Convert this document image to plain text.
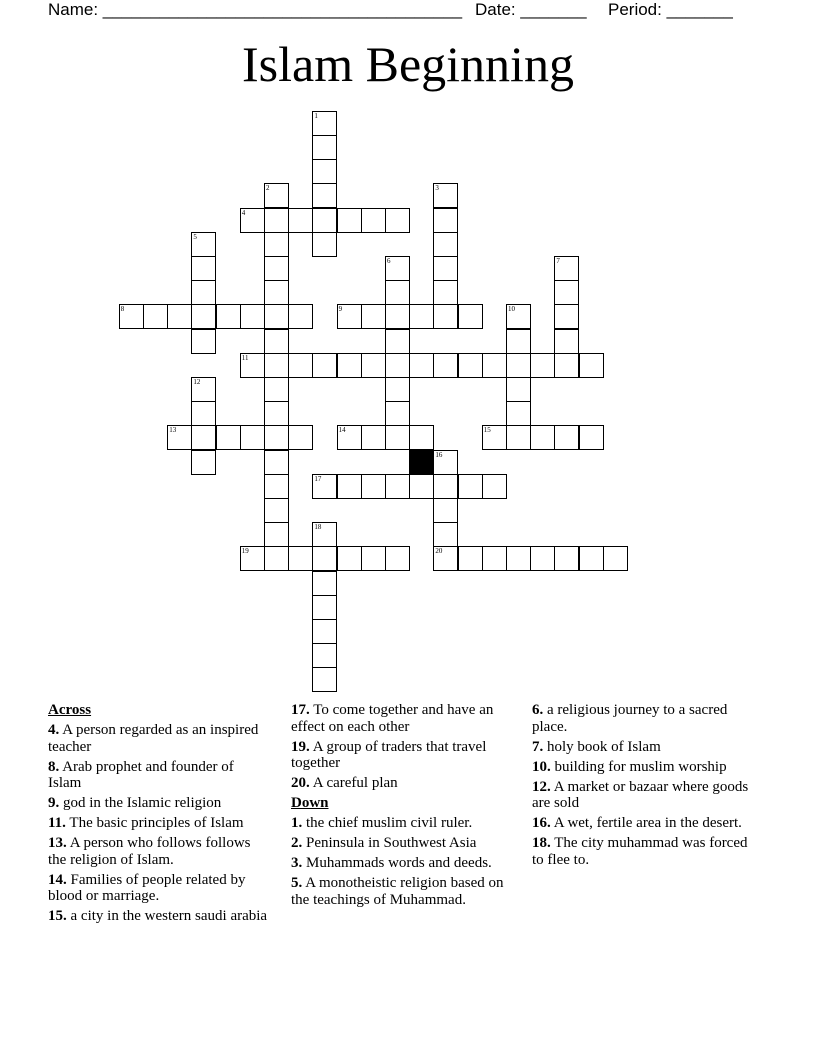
Name: ______________________________________ Date: _______ Period: _______
Islam Beginning
1
2	3
4
5
6	7
8	9	10
11
12
13	14	15
16
20
17
18
19
Across
4. A person regarded as an inspired teacher
8. Arab prophet and founder of Islam
9. god in the Islamic religion
11. The basic principles of Islam
13. A person who follows follows the religion of Islam.
14. Families of people related by blood or marriage.
15. a city in the western saudi arabia
17. To come together and have an effect on each other
19. A group of traders that travel together
20. A careful plan
Down
1. the chief muslim civil ruler.
2. Peninsula in Southwest Asia
3. Muhammads words and deeds.
5. A monotheistic religion based on the teachings of Muhammad.
6. a religious journey to a sacred place.
7. holy book of Islam
10. building for muslim worship
12. A market or bazaar where goods are sold
16. A wet, fertile area in the desert.
18. The city muhammad was forced to flee to.
